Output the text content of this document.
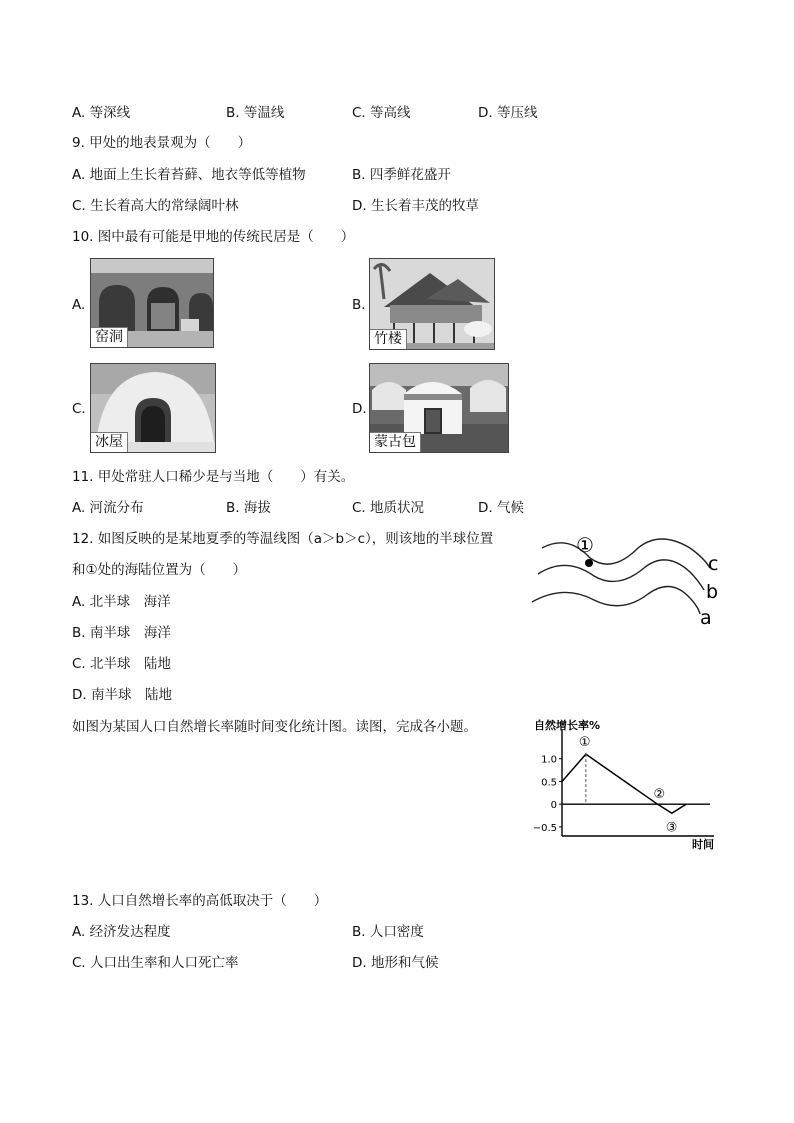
A. 等深线	B. 等温线	C. 等高线	D. 等压线
9. 甲处的地表景观为（　　）
A. 地面上生长着苔藓、地衣等低等植物	B. 四季鲜花盛开
C. 生长着高大的常绿阔叶林	D. 生长着丰茂的牧草
10. 图中最有可能是甲地的传统民居是（　　）
A.
窑洞
B.
竹楼
C.
冰屋
D.
蒙古包
11. 甲处常驻人口稀少是与当地（　　）有关。
A. 河流分布	B. 海拔	C. 地质状况	D. 气候
12. 如图反映的是某地夏季的等温线图（a＞b＞c），则该地的半球位置
和①处的海陆位置为（　　）
A. 北半球　海洋
B. 南半球　海洋
C. 北半球　陆地
D. 南半球　陆地
①
c
b
a
如图为某国人口自然增长率随时间变化统计图。读图，完成各小题。	自然增长率%
时间
1.0
0.5
0
−0.5
①
②
③
13. 人口自然增长率的高低取决于（　　）
A. 经济发达程度	B. 人口密度
C. 人口出生率和人口死亡率	D. 地形和气候
